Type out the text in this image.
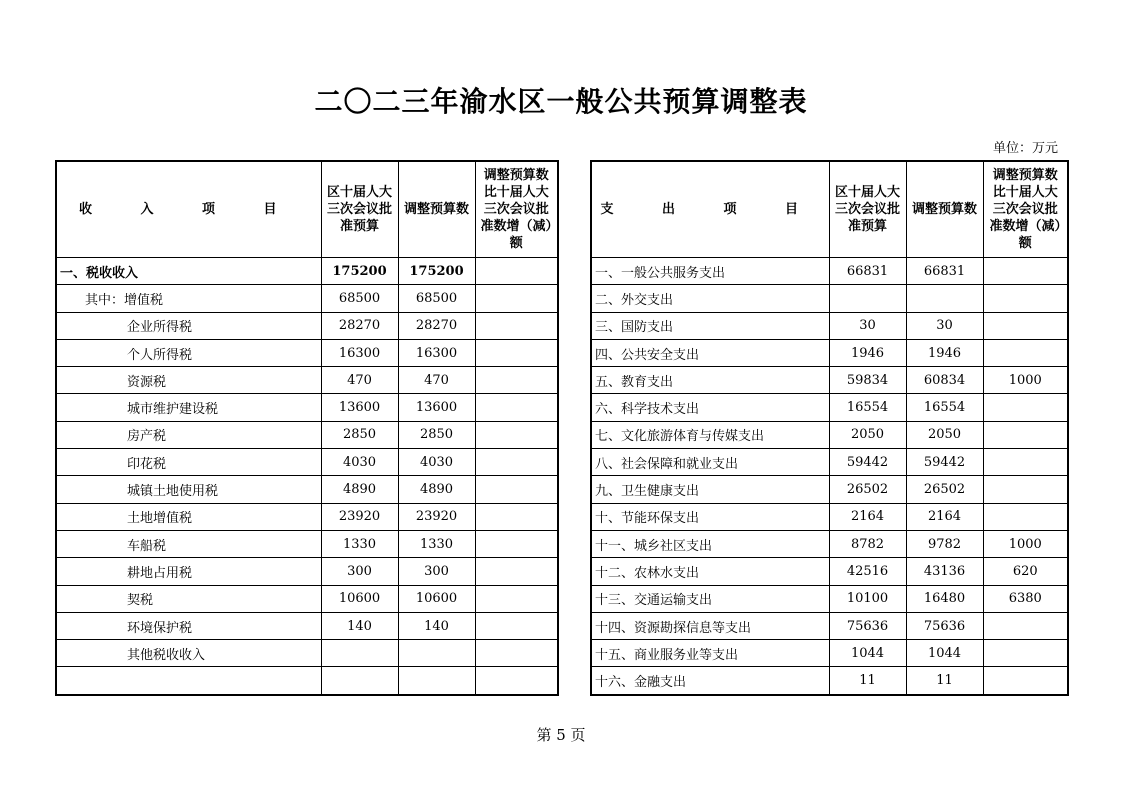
二〇二三年渝水区一般公共预算调整表
单位：万元
收 入 项 目	区十届人大三次会议批准预算	调整预算数	调整预算数比十届人大三次会议批准数增（减）额
一、税收收入	175200	175200	
其中：增值税	68500	68500	
企业所得税	28270	28270	
个人所得税	16300	16300	
资源税	470	470	
城市维护建设税	13600	13600	
房产税	2850	2850	
印花税	4030	4030	
城镇土地使用税	4890	4890	
土地增值税	23920	23920	
车船税	1330	1330	
耕地占用税	300	300	
契税	10600	10600	
环境保护税	140	140	
其他税收收入			

支 出 项 目	区十届人大三次会议批准预算	调整预算数	调整预算数比十届人大三次会议批准数增（减）额
一、一般公共服务支出	66831	66831	
二、外交支出			
三、国防支出	30	30	
四、公共安全支出	1946	1946	
五、教育支出	59834	60834	1000
六、科学技术支出	16554	16554	
七、文化旅游体育与传媒支出	2050	2050	
八、社会保障和就业支出	59442	59442	
九、卫生健康支出	26502	26502	
十、节能环保支出	2164	2164	
十一、城乡社区支出	8782	9782	1000
十二、农林水支出	42516	43136	620
十三、交通运输支出	10100	16480	6380
十四、资源勘探信息等支出	75636	75636	
十五、商业服务业等支出	1044	1044	
十六、金融支出	11	11	
第 5 页
